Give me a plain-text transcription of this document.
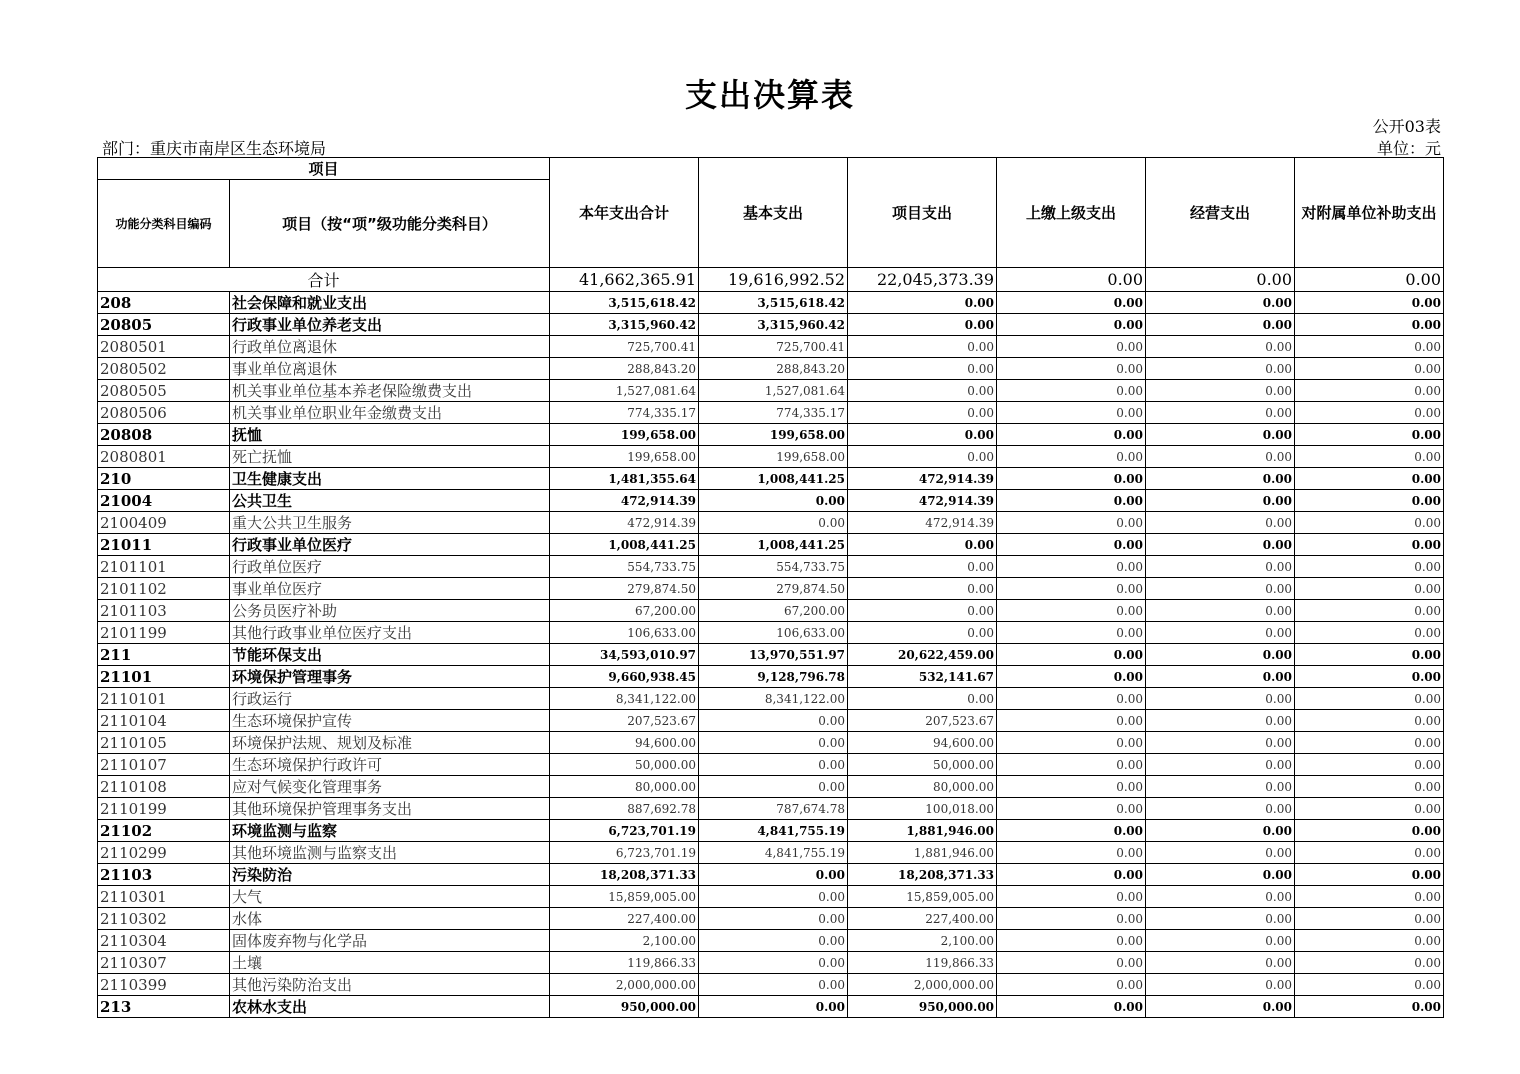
支出决算表
公开03表
部门：重庆市南岸区生态环境局	单位：元
项目		本年支出合计	基本支出	项目支出	上缴上级支出	经营支出	对附属单位补助支出
功能分类科目编码	项目（按“项”级功能分类科目）						
合计		41,662,365.91	19,616,992.52	22,045,373.39	0.00	0.00	0.00
208	社会保障和就业支出	3,515,618.42	3,515,618.42	0.00	0.00	0.00	0.00
20805	行政事业单位养老支出	3,315,960.42	3,315,960.42	0.00	0.00	0.00	0.00
2080501	行政单位离退休	725,700.41	725,700.41	0.00	0.00	0.00	0.00
2080502	事业单位离退休	288,843.20	288,843.20	0.00	0.00	0.00	0.00
2080505	机关事业单位基本养老保险缴费支出	1,527,081.64	1,527,081.64	0.00	0.00	0.00	0.00
2080506	机关事业单位职业年金缴费支出	774,335.17	774,335.17	0.00	0.00	0.00	0.00
20808	抚恤	199,658.00	199,658.00	0.00	0.00	0.00	0.00
2080801	死亡抚恤	199,658.00	199,658.00	0.00	0.00	0.00	0.00
210	卫生健康支出	1,481,355.64	1,008,441.25	472,914.39	0.00	0.00	0.00
21004	公共卫生	472,914.39	0.00	472,914.39	0.00	0.00	0.00
2100409	重大公共卫生服务	472,914.39	0.00	472,914.39	0.00	0.00	0.00
21011	行政事业单位医疗	1,008,441.25	1,008,441.25	0.00	0.00	0.00	0.00
2101101	行政单位医疗	554,733.75	554,733.75	0.00	0.00	0.00	0.00
2101102	事业单位医疗	279,874.50	279,874.50	0.00	0.00	0.00	0.00
2101103	公务员医疗补助	67,200.00	67,200.00	0.00	0.00	0.00	0.00
2101199	其他行政事业单位医疗支出	106,633.00	106,633.00	0.00	0.00	0.00	0.00
211	节能环保支出	34,593,010.97	13,970,551.97	20,622,459.00	0.00	0.00	0.00
21101	环境保护管理事务	9,660,938.45	9,128,796.78	532,141.67	0.00	0.00	0.00
2110101	行政运行	8,341,122.00	8,341,122.00	0.00	0.00	0.00	0.00
2110104	生态环境保护宣传	207,523.67	0.00	207,523.67	0.00	0.00	0.00
2110105	环境保护法规、规划及标准	94,600.00	0.00	94,600.00	0.00	0.00	0.00
2110107	生态环境保护行政许可	50,000.00	0.00	50,000.00	0.00	0.00	0.00
2110108	应对气候变化管理事务	80,000.00	0.00	80,000.00	0.00	0.00	0.00
2110199	其他环境保护管理事务支出	887,692.78	787,674.78	100,018.00	0.00	0.00	0.00
21102	环境监测与监察	6,723,701.19	4,841,755.19	1,881,946.00	0.00	0.00	0.00
2110299	其他环境监测与监察支出	6,723,701.19	4,841,755.19	1,881,946.00	0.00	0.00	0.00
21103	污染防治	18,208,371.33	0.00	18,208,371.33	0.00	0.00	0.00
2110301	大气	15,859,005.00	0.00	15,859,005.00	0.00	0.00	0.00
2110302	水体	227,400.00	0.00	227,400.00	0.00	0.00	0.00
2110304	固体废弃物与化学品	2,100.00	0.00	2,100.00	0.00	0.00	0.00
2110307	土壤	119,866.33	0.00	119,866.33	0.00	0.00	0.00
2110399	其他污染防治支出	2,000,000.00	0.00	2,000,000.00	0.00	0.00	0.00
213	农林水支出	950,000.00	0.00	950,000.00	0.00	0.00	0.00
